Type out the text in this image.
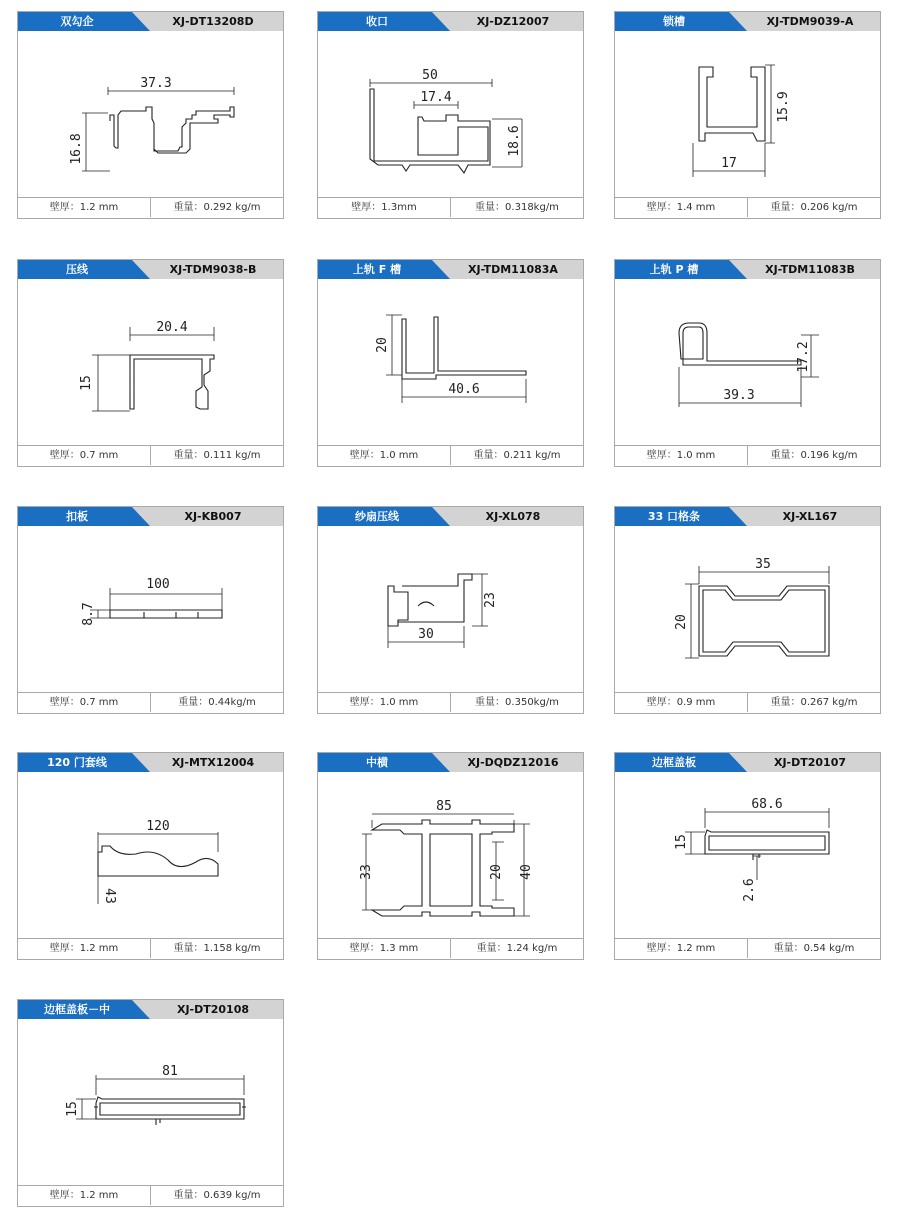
双勾企	XJ-DT13208D
37.3
16.8
壁厚：1.2 mm	重量：0.292 kg/m
收口	XJ-DZ12007
50
17.4
18.6
壁厚：1.3mm	重量：0.318kg/m
锁槽	XJ-TDM9039-A
15.9
17
壁厚：1.4 mm	重量：0.206 kg/m
压线	XJ-TDM9038-B
20.4
15
壁厚：0.7 mm	重量：0.111 kg/m
上轨 F 槽	XJ-TDM11083A
20
40.6
壁厚：1.0 mm	重量：0.211 kg/m
上轨 P 槽	XJ-TDM11083B
17.2
39.3
壁厚：1.0 mm	重量：0.196 kg/m
扣板	XJ-KB007
100
8.7
壁厚：0.7 mm	重量：0.44kg/m
纱扇压线	XJ-XL078
23
30
壁厚：1.0 mm	重量：0.350kg/m
33 口格条	XJ-XL167
35
20
壁厚：0.9 mm	重量：0.267 kg/m
120 门套线	XJ-MTX12004
120
43
壁厚：1.2 mm	重量：1.158 kg/m
中横	XJ-DQDZ12016
85
33	20 40
壁厚：1.3 mm	重量：1.24 kg/m
边框盖板	XJ-DT20107
68.6
15
2.6
壁厚：1.2 mm	重量：0.54 kg/m
边框盖板－中	XJ-DT20108
81
15
壁厚：1.2 mm	重量：0.639 kg/m
